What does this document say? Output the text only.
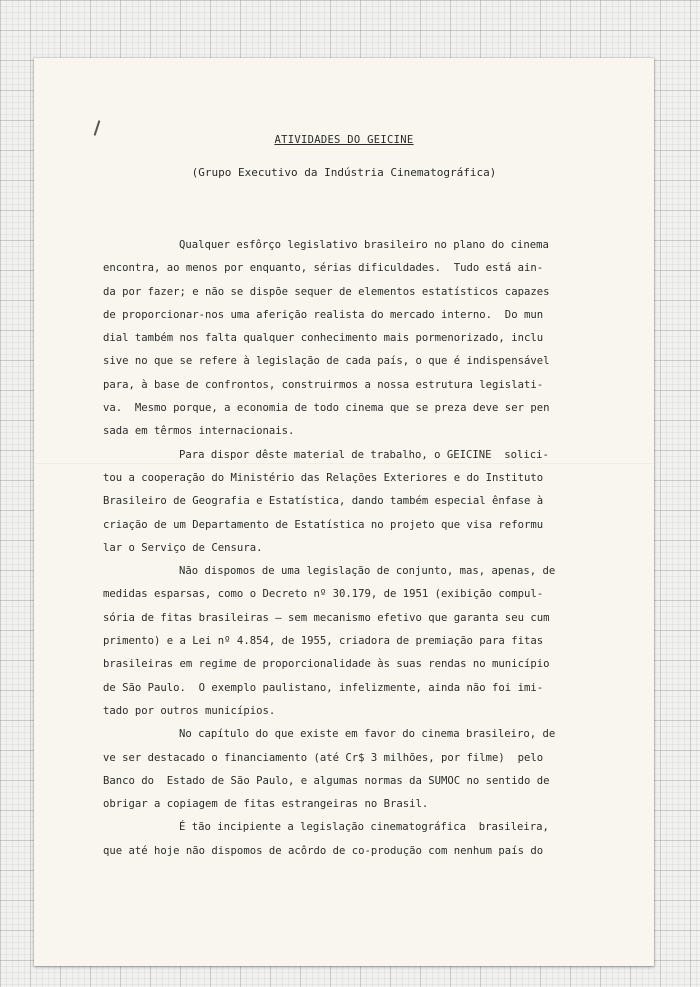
ATIVIDADES DO GEICINE
(Grupo Executivo da Indústria Cinematográfica)
Qualquer esfôrço legislativo brasileiro no plano do cinema
encontra, ao menos por enquanto, sérias dificuldades.  Tudo está ain-
da por fazer; e não se dispõe sequer de elementos estatísticos capazes
de proporcionar-nos uma aferição realista do mercado interno.  Do mun
dial também nos falta qualquer conhecimento mais pormenorizado, inclu
sive no que se refere à legislação de cada país, o que é indispensável
para, à base de confrontos, construirmos a nossa estrutura legislati-
va.  Mesmo porque, a economia de todo cinema que se preza deve ser pen
sada em têrmos internacionais.
Para dispor dêste material de trabalho, o GEICINE  solici-
tou a cooperação do Ministério das Relações Exteriores e do Instituto
Brasileiro de Geografia e Estatística, dando também especial ênfase à
criação de um Departamento de Estatística no projeto que visa reformu
lar o Serviço de Censura.
Não dispomos de uma legislação de conjunto, mas, apenas, de
medidas esparsas, como o Decreto nº 30.179, de 1951 (exibição compul-
sória de fitas brasileiras — sem mecanismo efetivo que garanta seu cum
primento) e a Lei nº 4.854, de 1955, criadora de premiação para fitas
brasileiras em regime de proporcionalidade às suas rendas no município
de São Paulo.  O exemplo paulistano, infelizmente, ainda não foi imi-
tado por outros municípios.
No capítulo do que existe em favor do cinema brasileiro, de
ve ser destacado o financiamento (até Cr$ 3 milhões, por filme)  pelo
Banco do  Estado de São Paulo, e algumas normas da SUMOC no sentido de
obrigar a copiagem de fitas estrangeiras no Brasil.
É tão incipiente a legislação cinematográfica  brasileira,
que até hoje não dispomos de acôrdo de co-produção com nenhum país do
